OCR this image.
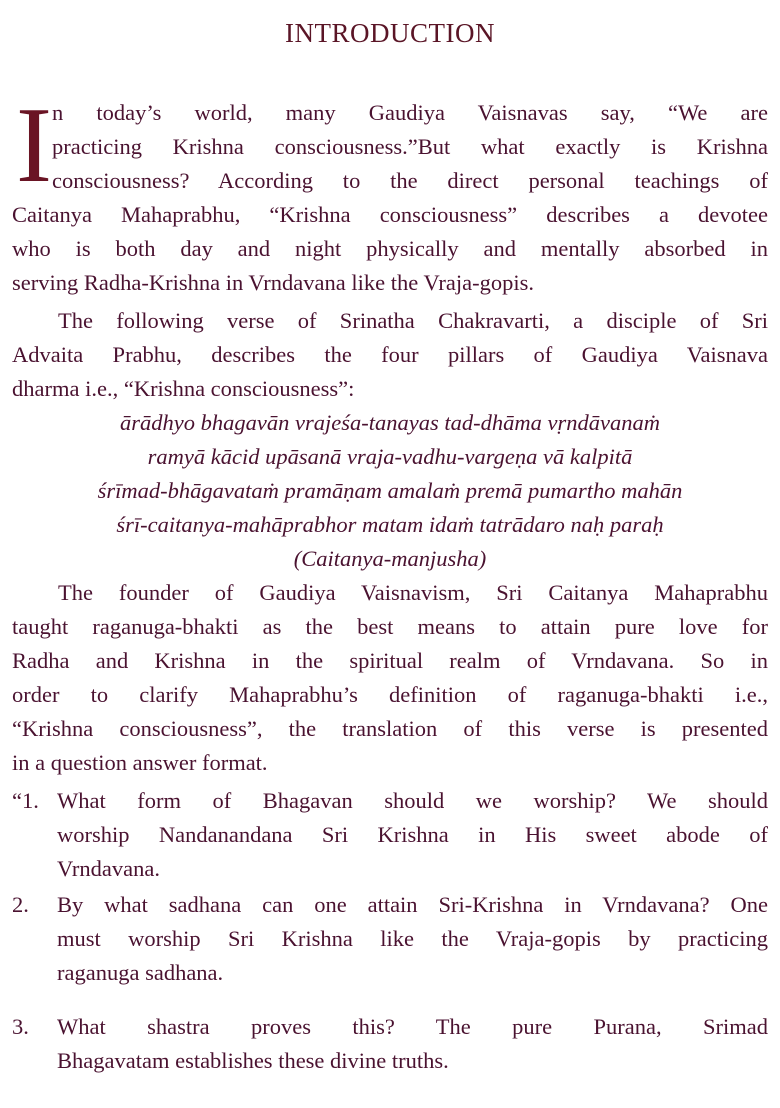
INTRODUCTION
I n today’s world, many Gaudiya Vaisnavas say, “We are
practicing Krishna consciousness.”But what exactly is Krishna
consciousness? According to the direct personal teachings of
Caitanya Mahaprabhu, “Krishna consciousness” describes a devotee
who is both day and night physically and mentally absorbed in
serving Radha-Krishna in Vrndavana like the Vraja-gopis.
The following verse of Srinatha Chakravarti, a disciple of Sri
Advaita Prabhu, describes the four pillars of Gaudiya Vaisnava
dharma i.e., “Krishna consciousness”:
ārādhyo bhagavān vrajeśa-tanayas tad-dhāma vṛndāvanaṁ
ramyā kācid upāsanā vraja-vadhu-vargeṇa vā kalpitā
śrīmad-bhāgavataṁ pramāṇam amalaṁ premā pumartho mahān
śrī-caitanya-mahāprabhor matam idaṁ tatrādaro naḥ paraḥ
(Caitanya-manjusha)
The founder of Gaudiya Vaisnavism, Sri Caitanya Mahaprabhu
taught raganuga-bhakti as the best means to attain pure love for
Radha and Krishna in the spiritual realm of Vrndavana. So in
order to clarify Mahaprabhu’s definition of raganuga-bhakti i.e.,
“Krishna consciousness”, the translation of this verse is presented
in a question answer format.
“1. What form of Bhagavan should we worship? We should
worship Nandanandana Sri Krishna in His sweet abode of
Vrndavana.
2. By what sadhana can one attain Sri-Krishna in Vrndavana? One
must worship Sri Krishna like the Vraja-gopis by practicing
raganuga sadhana.
3. What shastra proves this? The pure Purana, Srimad
Bhagavatam establishes these divine truths.
